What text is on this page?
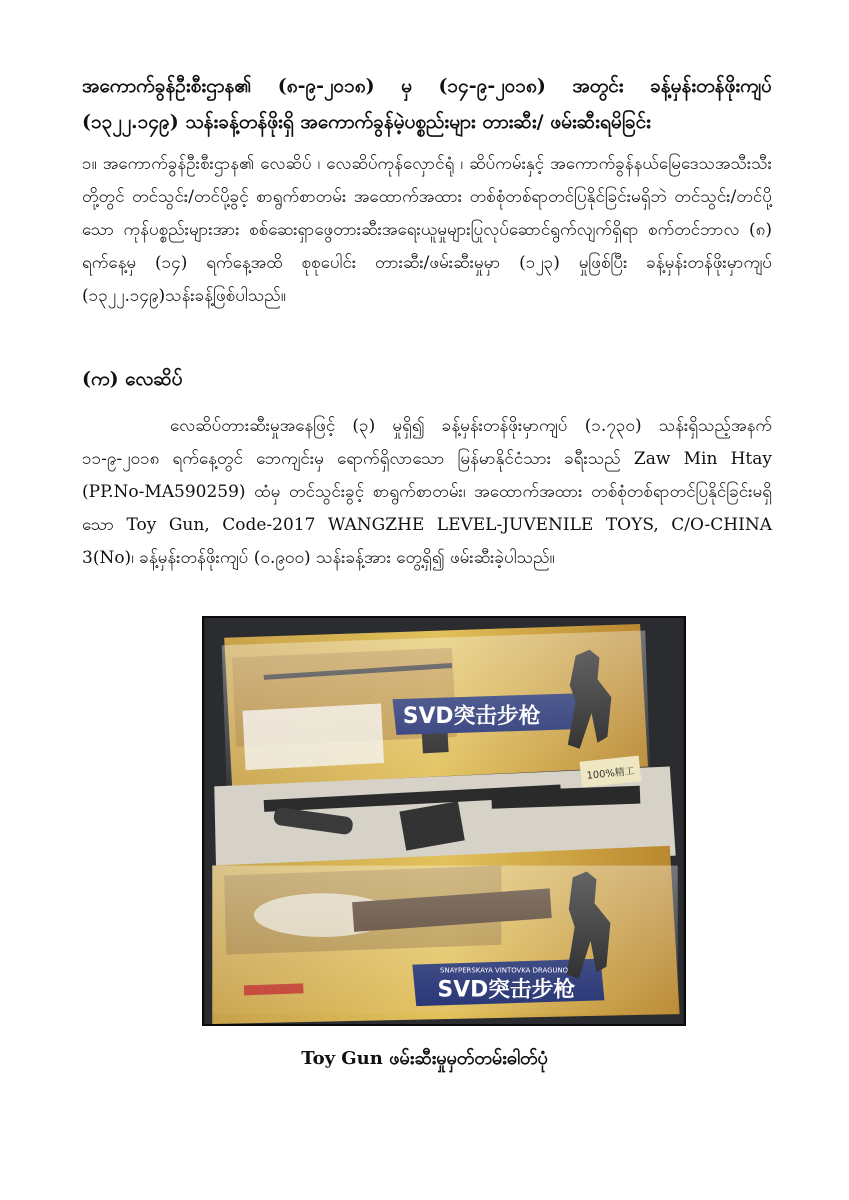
အကောက်ခွန်ဦးစီးဌာန၏ (၈-၉-၂၀၁၈) မှ (၁၄-၉-၂၀၁၈) အတွင်း ခန့်မှန်းတန်ဖိုးကျပ် (၁၃၂၂.၁၄၉) သန်းခန့်တန်ဖိုးရှိ အကောက်ခွန်မဲ့ပစ္စည်းများ တားဆီး/ ဖမ်းဆီးရမိခြင်း

၁။ အကောက်ခွန်ဦးစီးဌာန၏ လေဆိပ် ၊ လေဆိပ်ကုန်လှောင်ရုံ ၊ ဆိပ်ကမ်းနှင့် အကောက်ခွန်နယ်မြေဒေသအသီးသီးတို့တွင် တင်သွင်း/တင်ပို့ခွင့် စာရွက်စာတမ်း အထောက်အထား တစ်စုံတစ်ရာတင်ပြနိုင်ခြင်းမရှိဘဲ တင်သွင်း/တင်ပို့သော ကုန်ပစ္စည်းများအား စစ်ဆေးရှာဖွေတားဆီးအရေးယူမှုများပြုလုပ်ဆောင်ရွက်လျက်ရှိရာ စက်တင်ဘာလ (၈) ရက်နေ့မှ (၁၄) ရက်နေ့အထိ စုစုပေါင်း တားဆီး/ဖမ်းဆီးမှုမှာ (၁၂၃) မှုဖြစ်ပြီး ခန့်မှန်းတန်ဖိုးမှာကျပ် (၁၃၂၂.၁၄၉)သန်းခန့်ဖြစ်ပါသည်။

(က) လေဆိပ်

လေဆိပ်တားဆီးမှုအနေဖြင့် (၃) မှုရှိ၍ ခန့်မှန်းတန်ဖိုးမှာကျပ် (၁.၇၃၀) သန်းရှိသည့်အနက် ၁၁-၉-၂၀၁၈ ရက်နေ့တွင် ဘေကျင်းမှ ရောက်ရှိလာသော မြန်မာနိုင်ငံသား ခရီးသည် Zaw Min Htay (PP.No-MA590259) ထံမှ တင်သွင်းခွင့် စာရွက်စာတမ်း၊ အထောက်အထား တစ်စုံတစ်ရာတင်ပြနိုင်ခြင်းမရှိသော Toy Gun, Code-2017 WANGZHE LEVEL-JUVENILE TOYS, C/O-CHINA 3(No)၊ ခန့်မှန်းတန်ဖိုးကျပ် (၀.၉၀၀) သန်းခန့်အား တွေ့ရှိ၍ ဖမ်းဆီးခဲ့ပါသည်။

100%精工

Toy Gun ဖမ်းဆီးမှုမှတ်တမ်းဓါတ်ပုံ
